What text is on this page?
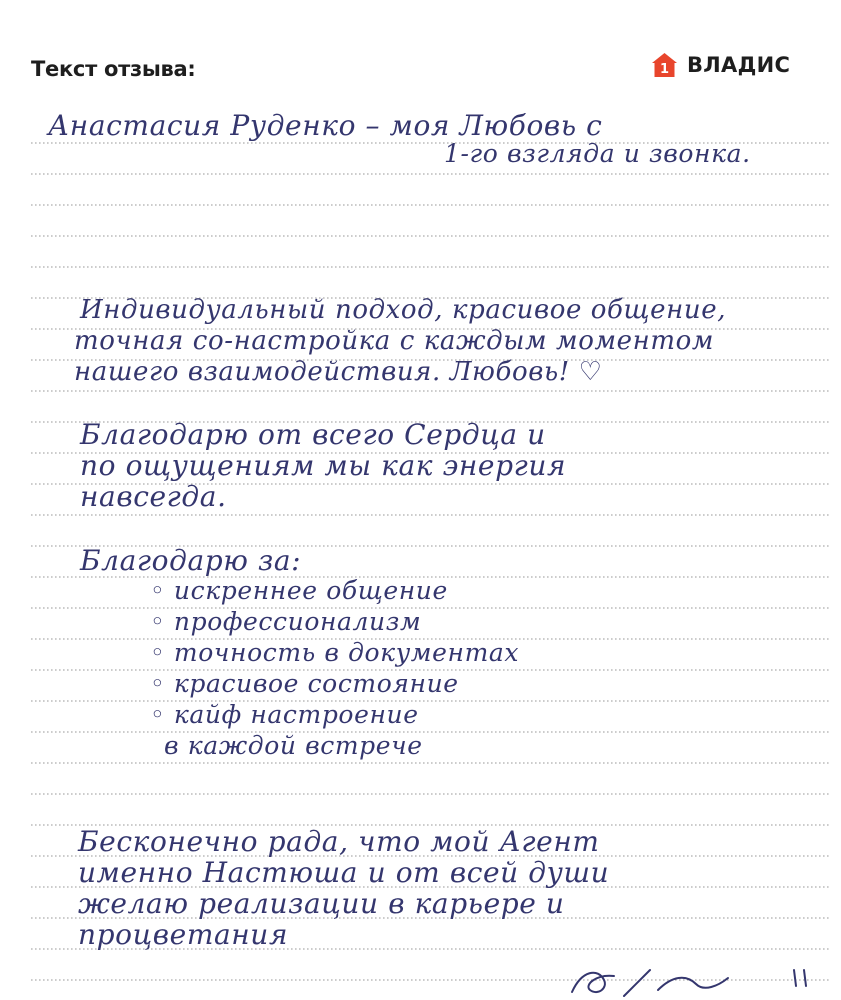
Текст отзыва:	1 ВЛАДИС

Анастасия Руденко – моя Любовь с

1-го взгляда и звонка.

Индивидуальный подход, красивое общение,

точная со-настройка с каждым моментом

нашего взаимодействия. Любовь! ♡

Благодарю от всего Сердца и

по ощущениям мы как энергия

навсегда.

Благодарю за:

◦ искреннее общение

◦ профессионализм

◦ точность в документах

◦ красивое состояние

◦ кайф настроение

в каждой встрече

Бесконечно рада, что мой Агент

именно Настюша и от всей души

желаю реализации в карьере и

процветания
